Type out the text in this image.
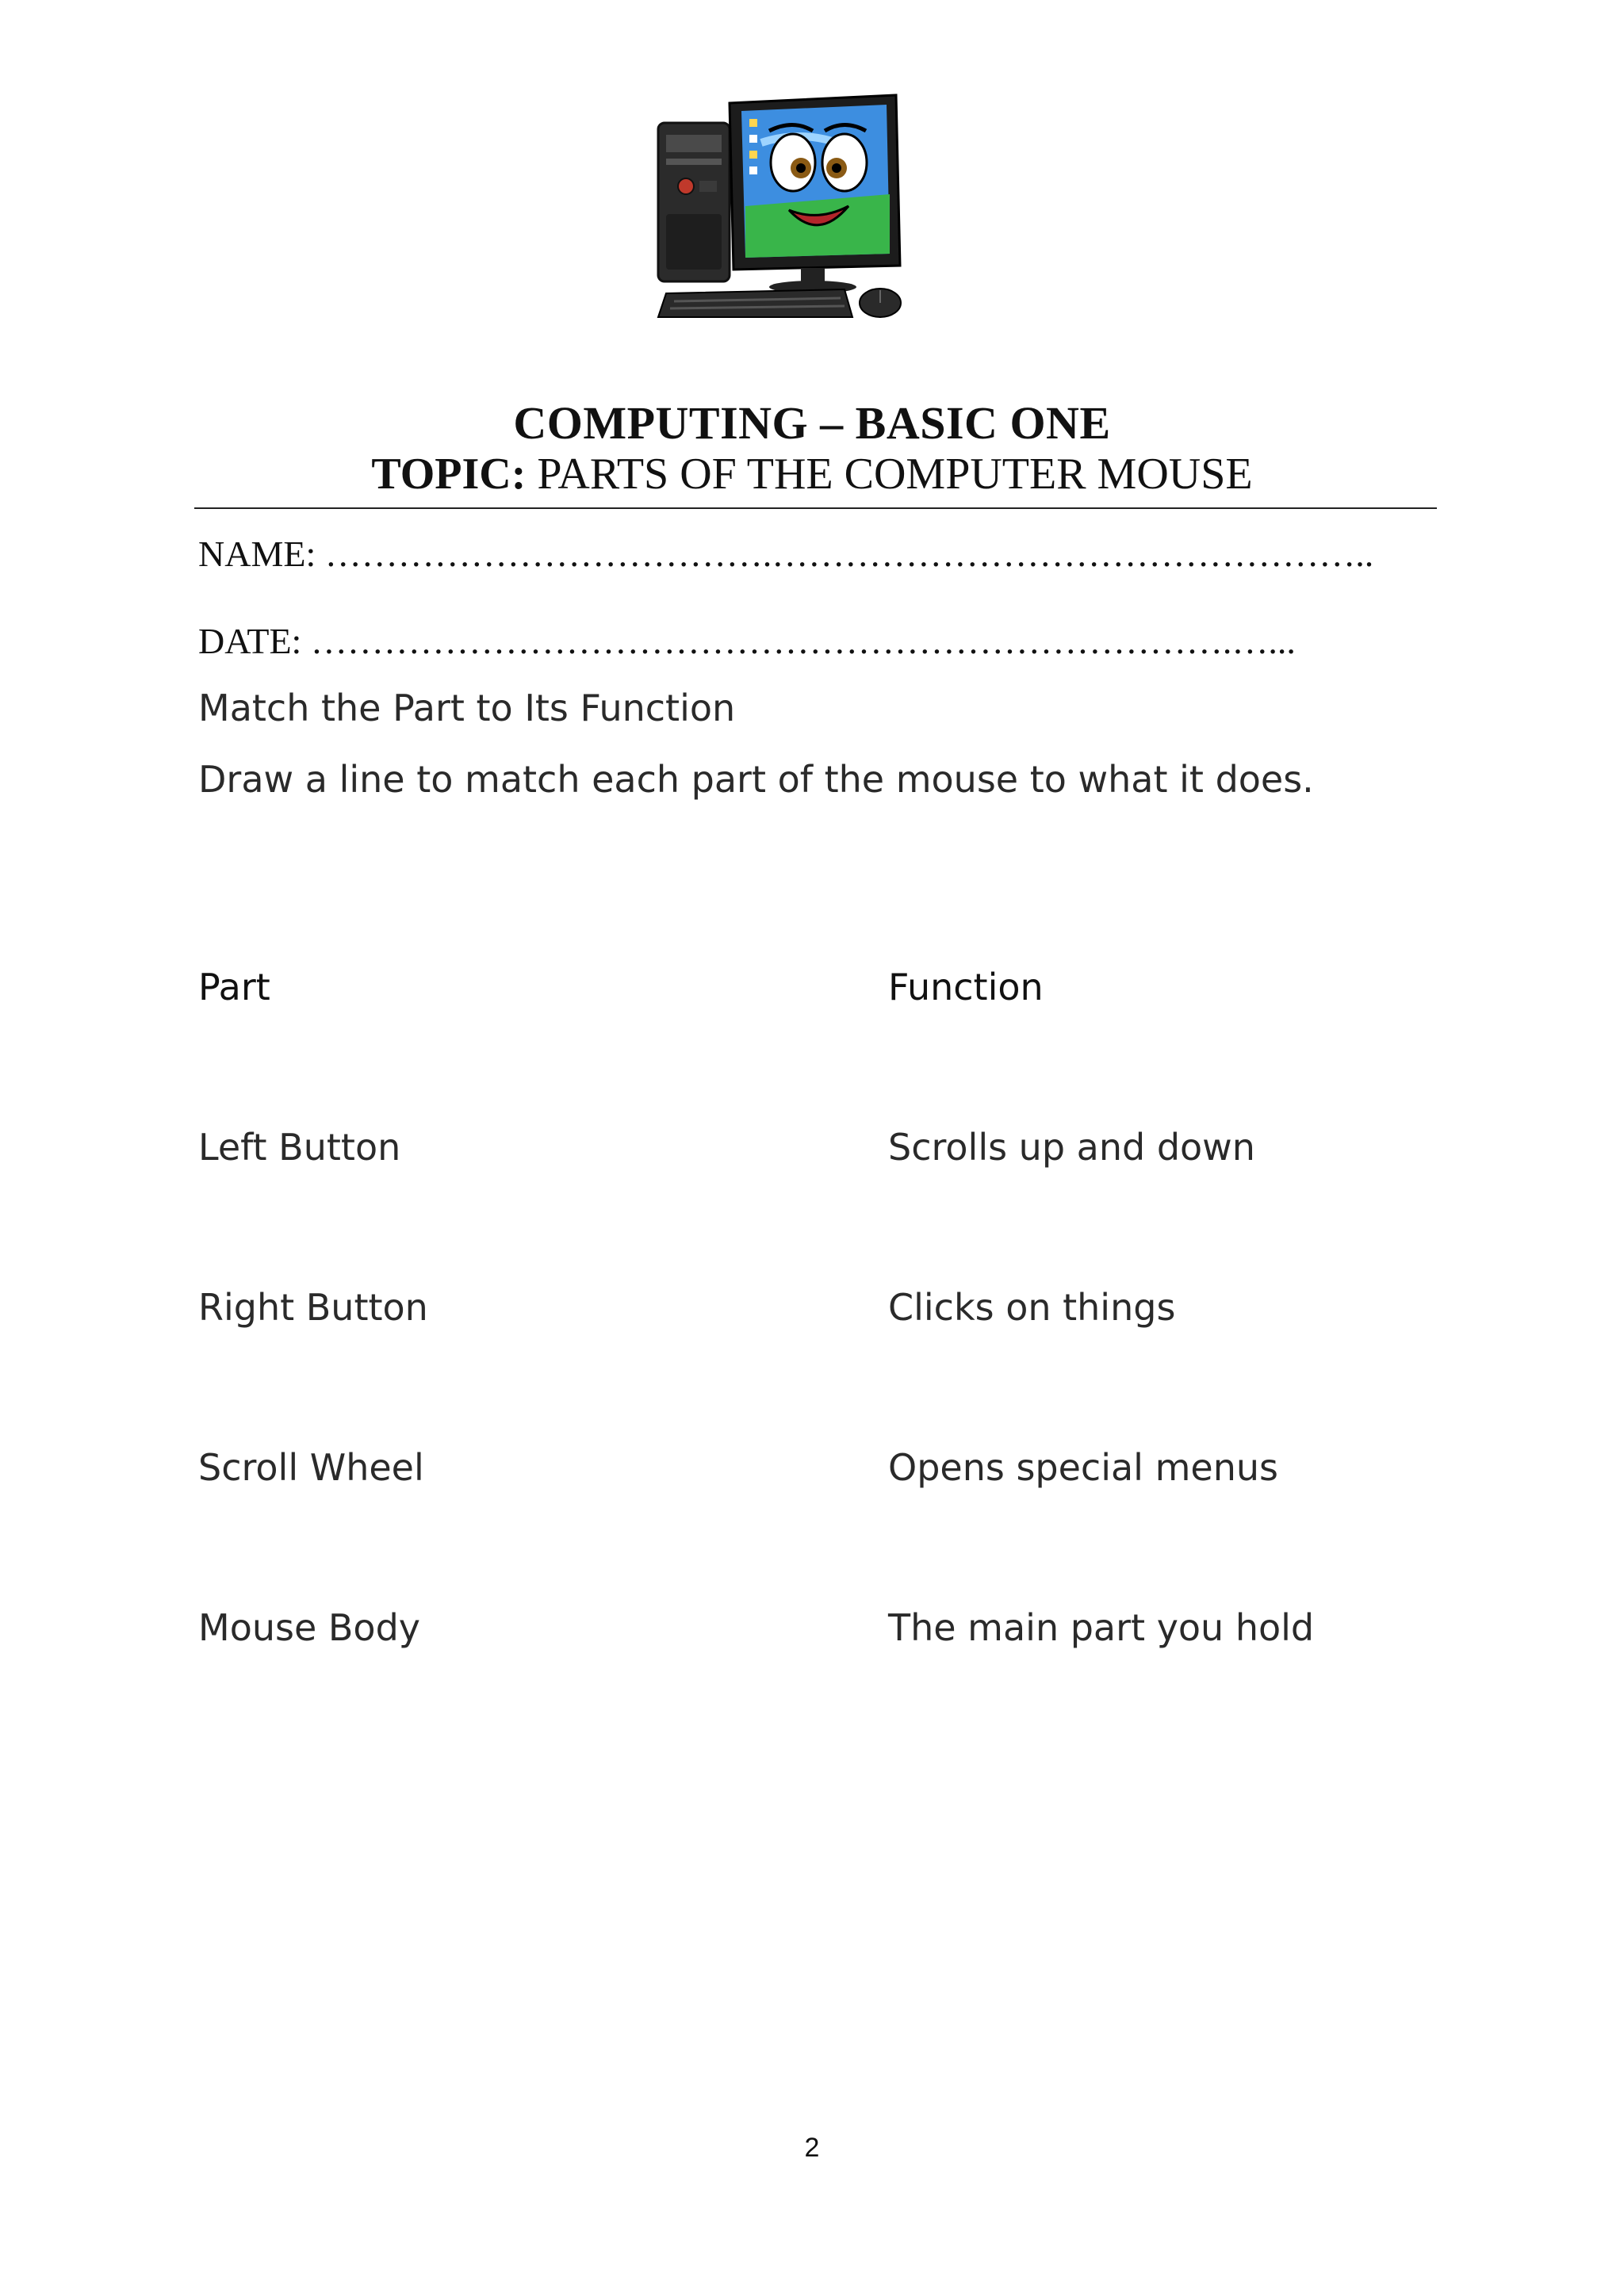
COMPUTING – BASIC ONE
TOPIC: PARTS OF THE COMPUTER MOUSE
NAME: ……………………………….…………………………………………..
DATE: ………………………………………………………………….…...
Match the Part to Its Function
Draw a line to match each part of the mouse to what it does.
Part	Function
Left Button	Scrolls up and down
Right Button	Clicks on things
Scroll Wheel	Opens special menus
Mouse Body	The main part you hold
2
